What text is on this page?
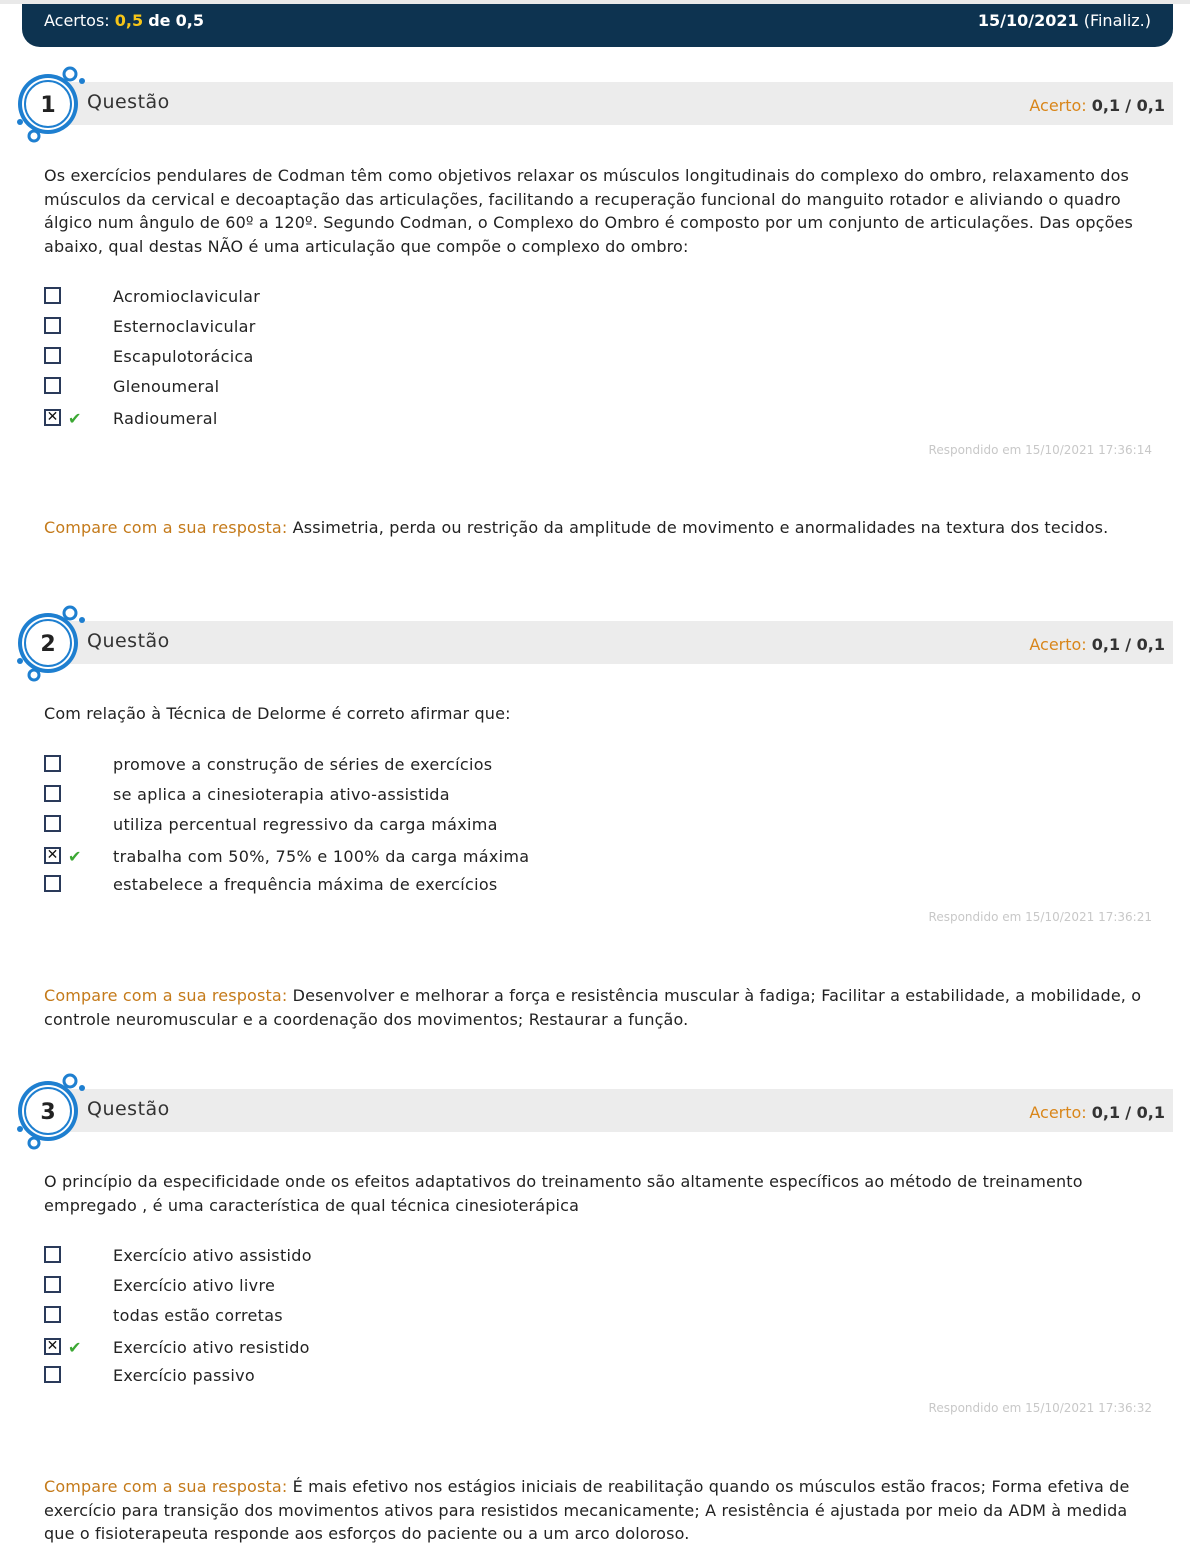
Acertos: 0,5 de 0,5	15/10/2021 (Finaliz.)
1 Questão	Acerto: 0,1 / 0,1
Os exercícios pendulares de Codman têm como objetivos relaxar os músculos longitudinais do complexo do ombro, relaxamento dos músculos da cervical e decoaptação das articulações, facilitando a recuperação funcional do manguito rotador e aliviando o quadro álgico num ângulo de 60º a 120º. Segundo Codman, o Complexo do Ombro é composto por um conjunto de articulações. Das opções abaixo, qual destas NÃO é uma articulação que compõe o complexo do ombro:
Acromioclavicular
Esternoclavicular
Escapulotorácica
Glenoumeral
✕ ✔ Radioumeral
Respondido em 15/10/2021 17:36:14
Compare com a sua resposta: Assimetria, perda ou restrição da amplitude de movimento e anormalidades na textura dos tecidos.
2 Questão	Acerto: 0,1 / 0,1
Com relação à Técnica de Delorme é correto afirmar que:
promove a construção de séries de exercícios
se aplica a cinesioterapia ativo-assistida
utiliza percentual regressivo da carga máxima
✕ ✔ trabalha com 50%, 75% e 100% da carga máxima
estabelece a frequência máxima de exercícios
Respondido em 15/10/2021 17:36:21
Compare com a sua resposta: Desenvolver e melhorar a força e resistência muscular à fadiga; Facilitar a estabilidade, a mobilidade, o controle neuromuscular e a coordenação dos movimentos; Restaurar a função.
3 Questão	Acerto: 0,1 / 0,1
O princípio da especificidade onde os efeitos adaptativos do treinamento são altamente específicos ao método de treinamento empregado , é uma característica de qual técnica cinesioterápica
Exercício ativo assistido
Exercício ativo livre
todas estão corretas
✕ ✔ Exercício ativo resistido
Exercício passivo
Respondido em 15/10/2021 17:36:32
Compare com a sua resposta: É mais efetivo nos estágios iniciais de reabilitação quando os músculos estão fracos; Forma efetiva de exercício para transição dos movimentos ativos para resistidos mecanicamente; A resistência é ajustada por meio da ADM à medida que o fisioterapeuta responde aos esforços do paciente ou a um arco doloroso.
